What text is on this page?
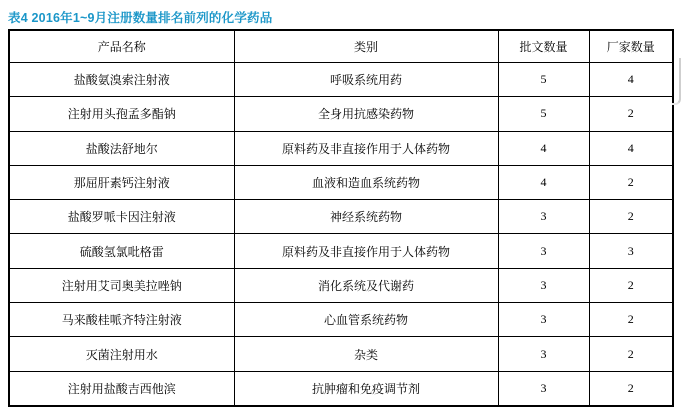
表4 2016年1~9月注册数量排名前列的化学药品
产品名称	类别	批文数量	厂家数量
盐酸氨溴索注射液	呼吸系统用药	5	4
注射用头孢孟多酯钠	全身用抗感染药物	5	2
盐酸法舒地尔	原料药及非直接作用于人体药物	4	4
那屈肝素钙注射液	血液和造血系统药物	4	2
盐酸罗哌卡因注射液	神经系统药物	3	2
硫酸氢氯吡格雷	原料药及非直接作用于人体药物	3	3
注射用艾司奥美拉唑钠	消化系统及代谢药	3	2
马来酸桂哌齐特注射液	心血管系统药物	3	2
灭菌注射用水	杂类	3	2
注射用盐酸吉西他滨	抗肿瘤和免疫调节剂	3	2
